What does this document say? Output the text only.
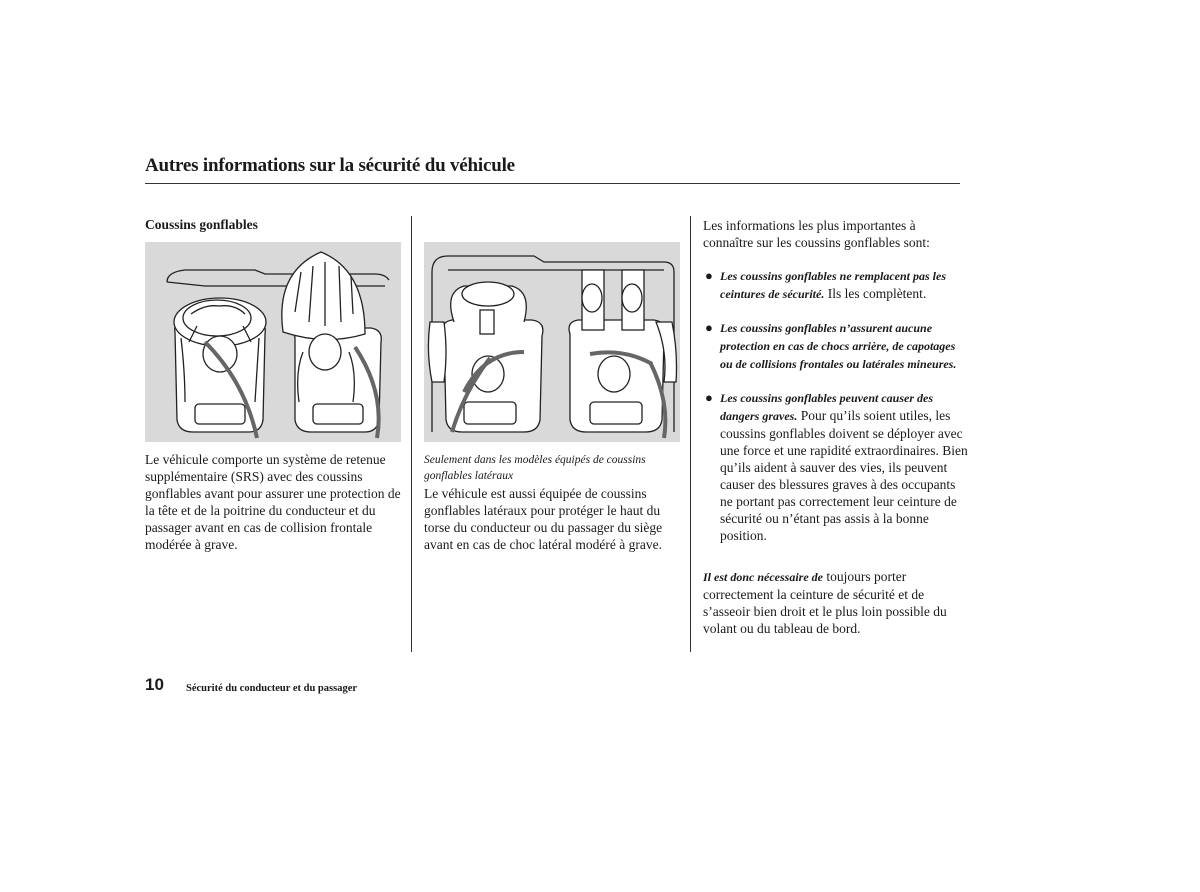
Autres informations sur la sécurité du véhicule
Coussins gonflables

Le véhicule comporte un système de retenue supplémentaire (SRS) avec des coussins gonflables avant pour assurer une protection de la tête et de la poitrine du conducteur et du passager avant en cas de collision frontale modérée à grave.

Seulement dans les modèles équipés de coussins gonflables latéraux

Le véhicule est aussi équipée de coussins gonflables latéraux pour protéger le haut du torse du conducteur ou du passager du siège avant en cas de choc latéral modéré à grave.

Les informations les plus importantes à connaître sur les coussins gonflables sont:

● Les coussins gonflables ne remplacent pas les ceintures de sécurité. Ils les complètent.
● Les coussins gonflables n’assurent aucune protection en cas de chocs arrière, de capotages ou de collisions frontales ou latérales mineures.
● Les coussins gonflables peuvent causer des dangers graves. Pour qu’ils soient utiles, les coussins gonflables doivent se déployer avec une force et une rapidité extraordinaires. Bien qu’ils aident à sauver des vies, ils peuvent causer des blessures graves à des occupants ne portant pas correctement leur ceinture de sécurité ou n’étant pas assis à la bonne position.

Il est donc nécessaire de toujours porter correctement la ceinture de sécurité et de s’asseoir bien droit et le plus loin possible du volant ou du tableau de bord.

10 Sécurité du conducteur et du passager
